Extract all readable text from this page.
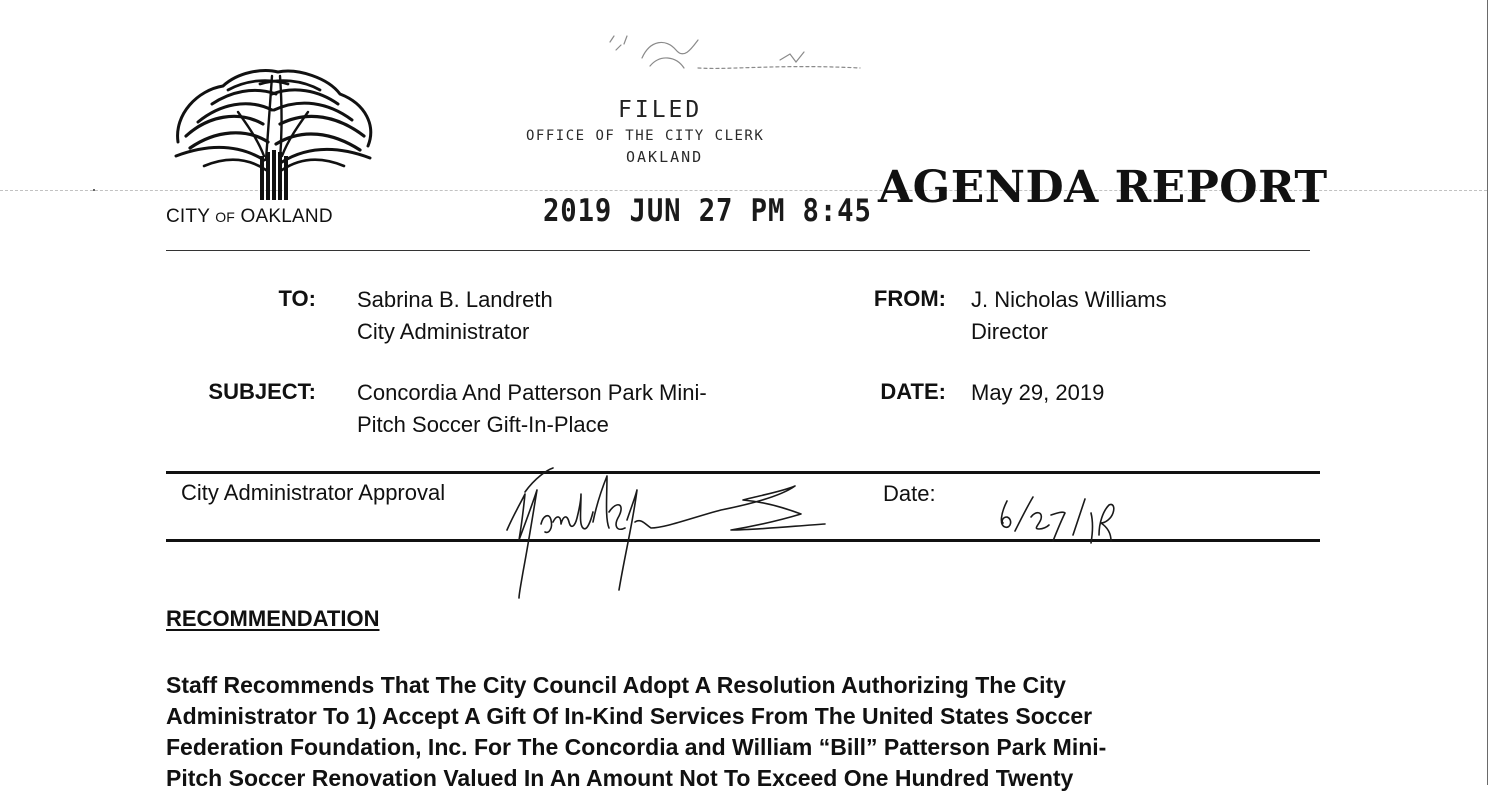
CITY OF OAKLAND
FILED
OFFICE OF THE CITY CLERK
OAKLAND
2019 JUN 27 PM 8:45 AGENDA REPORT
TO: Sabrina B. Landreth
City Administrator
FROM: J. Nicholas Williams
Director
SUBJECT: Concordia And Patterson Park Mini-
Pitch Soccer Gift-In-Place
DATE: May 29, 2019
City Administrator Approval	Date:
RECOMMENDATION
Staff Recommends That The City Council Adopt A Resolution Authorizing The City
Administrator To 1) Accept A Gift Of In-Kind Services From The United States Soccer
Federation Foundation, Inc. For The Concordia and William “Bill” Patterson Park Mini-
Pitch Soccer Renovation Valued In An Amount Not To Exceed One Hundred Twenty
